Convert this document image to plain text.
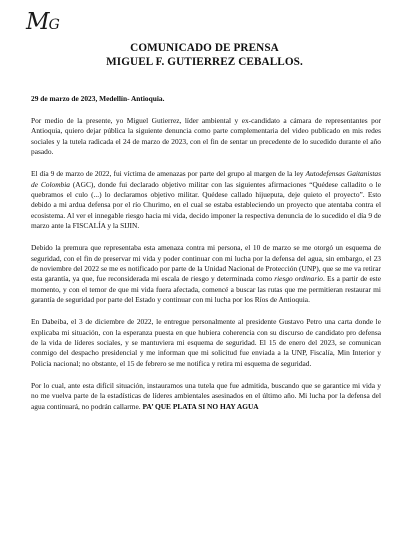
MG
COMUNICADO DE PRENSA
MIGUEL F. GUTIERREZ CEBALLOS.
29 de marzo de 2023, Medellín- Antioquia.

Por medio de la presente, yo Miguel Gutierrez, líder ambiental y ex-candidato a cámara de representantes por Antioquia, quiero dejar pública la siguiente denuncia como parte complementaria del video publicado en mis redes sociales y la tutela radicada el 24 de marzo de 2023, con el fin de sentar un precedente de lo sucedido durante el año pasado.

El día 9 de marzo de 2022, fui víctima de amenazas por parte del grupo al margen de la ley Autodefensas Gaitanistas de Colombia (AGC), donde fui declarado objetivo militar con las siguientes afirmaciones “Quédese calladito o le quebramos el culo (...) lo declaramos objetivo militar. Quédese callado hijueputa, deje quieto el proyecto”. Esto debido a mi ardua defensa por el río Churimo, en el cual se estaba estableciendo un proyecto que atentaba contra el ecosistema. Al ver el innegable riesgo hacia mi vida, decido imponer la respectiva denuncia de lo sucedido el día 9 de marzo ante la FISCALÍA y la SIJIN.

Debido la premura que representaba esta amenaza contra mi persona, el 10 de marzo se me otorgó un esquema de seguridad, con el fin de preservar mi vida y poder continuar con mi lucha por la defensa del agua, sin embargo, el 23 de noviembre del 2022 se me es notificado por parte de la Unidad Nacional de Protección (UNP), que se me va retirar esta garantía, ya que, fue reconsiderada mi escala de riesgo y determinada como riesgo ordinario. Es a partir de este momento, y con el temor de que mi vida fuera afectada, comencé a buscar las rutas que me permitieran restaurar mi garantía de seguridad por parte del Estado y continuar con mi lucha por los Ríos de Antioquia.

En Dabeiba, el 3 de diciembre de 2022, le entregue personalmente al presidente Gustavo Petro una carta donde le explicaba mi situación, con la esperanza puesta en que hubiera coherencia con su discurso de candidato pro defensa de la vida de líderes sociales, y se mantuviera mi esquema de seguridad. El 15 de enero del 2023, se comunican conmigo del despacho presidencial y me informan que mi solicitud fue enviada a la UNP, Fiscalía, Min Interior y Policía nacional; no obstante, el 15 de febrero se me notifica y retira mi esquema de seguridad.

Por lo cual, ante esta difícil situación, instauramos una tutela que fue admitida, buscando que se garantice mi vida y no me vuelva parte de la estadísticas de líderes ambientales asesinados en el último año. Mi lucha por la defensa del agua continuará, no podrán callarme. PA’ QUE PLATA SI NO HAY AGUA
